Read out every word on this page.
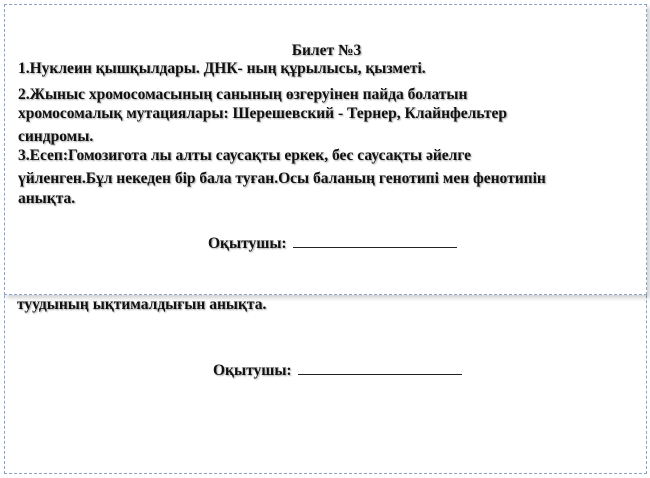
туудының ықтималдығын анықта.
Оқытушы:
Билет №3
1.Нуклеин қышқылдары. ДНК- ның құрылысы, қызметі.
2.Жыныс хромосомасының санының өзгеруінен пайда болатын
хромосомалық мутациялары: Шерешевский - Тернер, Клайнфельтер
синдромы.
3.Есеп:Гомозигота лы алты саусақты еркек, бес саусақты әйелге
үйленген.Бұл некеден бір бала туған.Осы баланың генотипі мен фенотипін
анықта.
Оқытушы:
